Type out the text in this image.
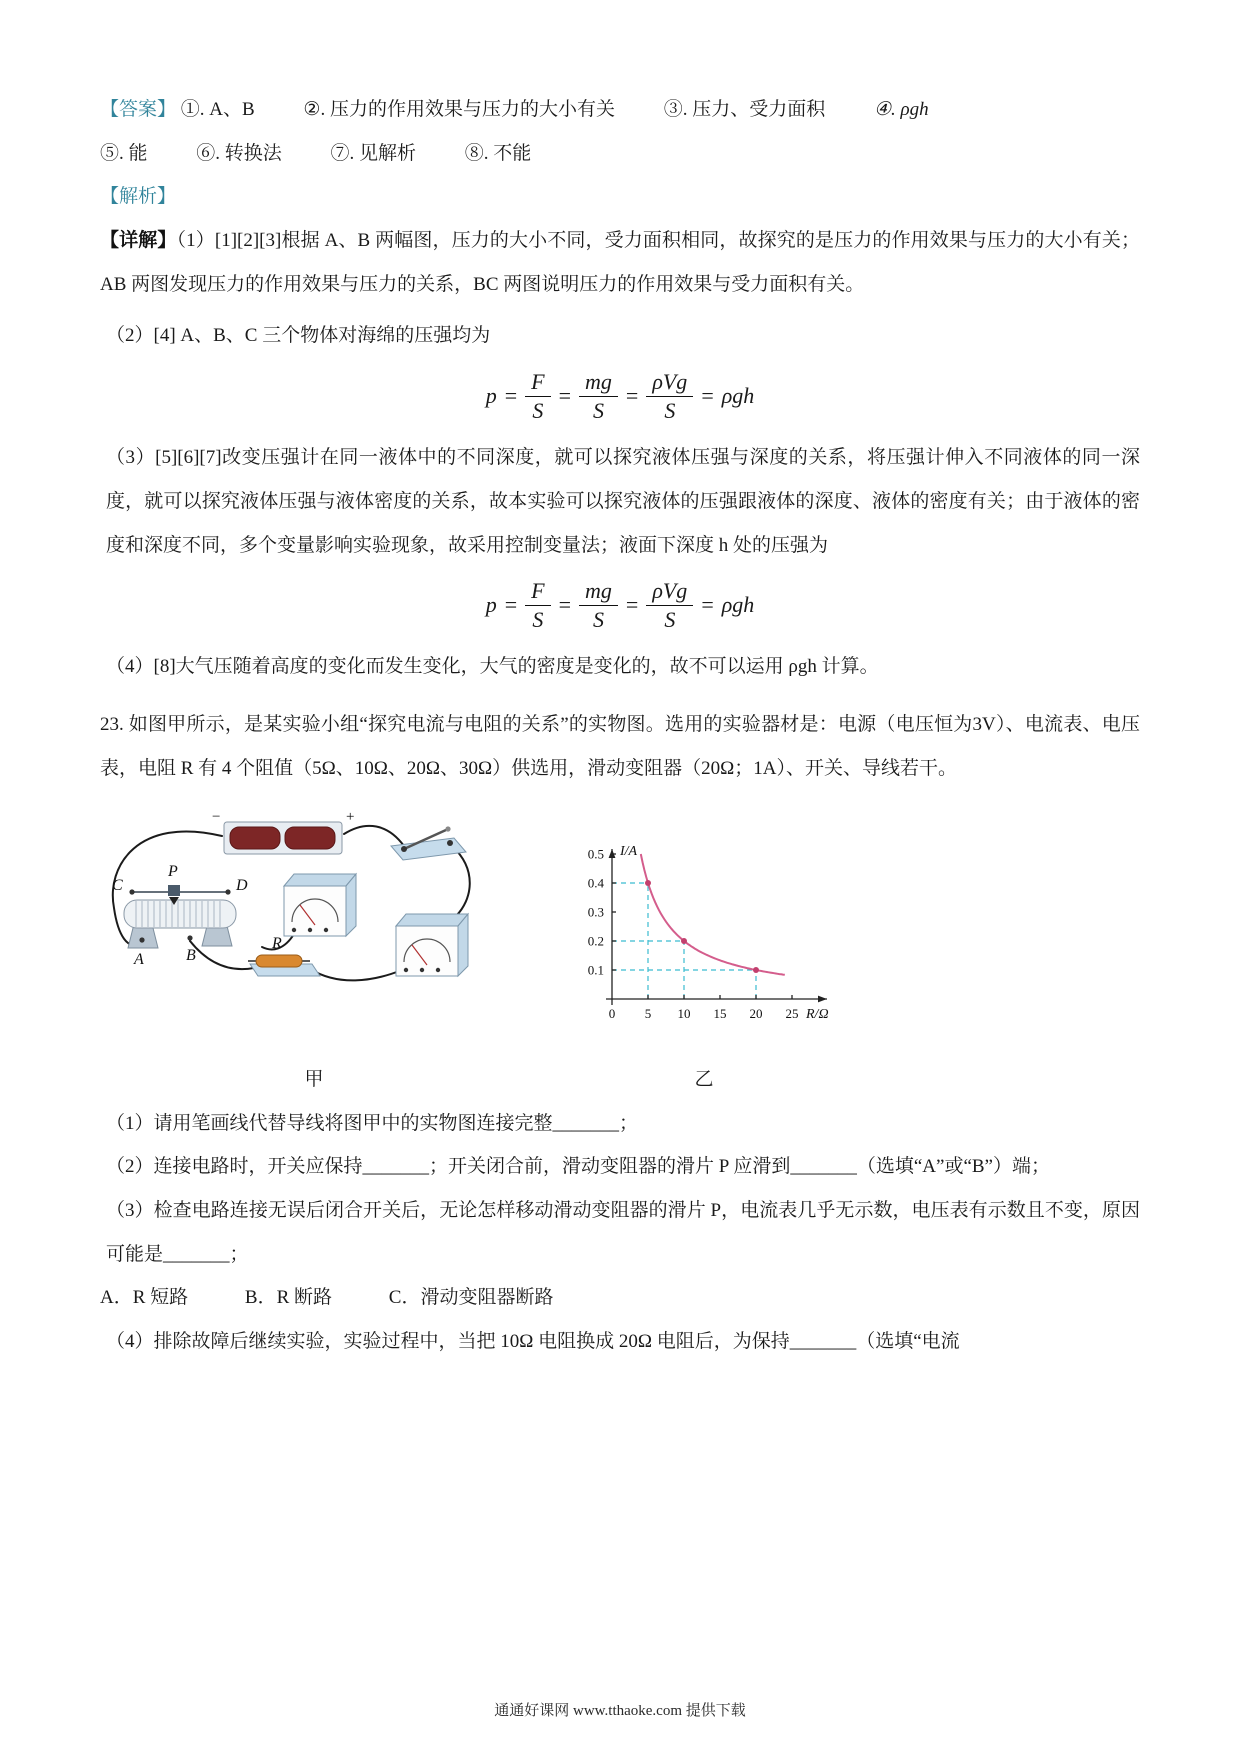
【答案】 ①. A、B	②. 压力的作用效果与压力的大小有关	③. 压力、受力面积	④. ρgh

⑤. 能	⑥. 转换法	⑦. 见解析	⑧. 不能

【解析】

【详解】（1）[1][2][3]根据 A、B 两幅图，压力的大小不同，受力面积相同，故探究的是压力的作用效果与压力的大小有关；AB 两图发现压力的作用效果与压力的关系，BC 两图说明压力的作用效果与受力面积有关。

（2）[4] A、B、C 三个物体对海绵的压强均为

$p = \frac{F}{S} = \frac{mg}{S} = \frac{\text{ρVg}}{S} = \rho gh$

（3）[5][6][7]改变压强计在同一液体中的不同深度，就可以探究液体压强与深度的关系，将压强计伸入不同液体的同一深度，就可以探究液体压强与液体密度的关系，故本实验可以探究液体的压强跟液体的深度、液体的密度有关；由于液体的密度和深度不同，多个变量影响实验现象，故采用控制变量法；液面下深度 h 处的压强为

$p = \frac{F}{S} = \frac{mg}{S} = \frac{\text{ρVg}}{S} = \rho gh$

（4）[8]大气压随着高度的变化而发生变化，大气的密度是变化的，故不可以运用 ρgh 计算。

23. 如图甲所示，是某实验小组“探究电流与电阻的关系”的实物图。选用的实验器材是：电源（电压恒为3V）、电流表、电压表，电阻 R 有 4 个阻值（5Ω、10Ω、20Ω、30Ω）供选用，滑动变阻器（20Ω；1A）、开关、导线若干。

−	+
C
P
D
A	B
R
甲
0 5 10 15 20 25
0.1
0.2
0.3
0.4
0.5 I/A
R/Ω
乙

（1）请用笔画线代替导线将图甲中的实物图连接完整_______；

（2）连接电路时，开关应保持_______；开关闭合前，滑动变阻器的滑片 P 应滑到_______（选填“A”或“B”）端；

（3）检查电路连接无误后闭合开关后，无论怎样移动滑动变阻器的滑片 P，电流表几乎无示数，电压表有示数且不变，原因可能是_______；

A．R 短路	B．R 断路	C．滑动变阻器断路

（4）排除故障后继续实验，实验过程中，当把 10Ω 电阻换成 20Ω 电阻后，为保持_______（选填“电流

通通好课网 www.tthaoke.com 提供下载
